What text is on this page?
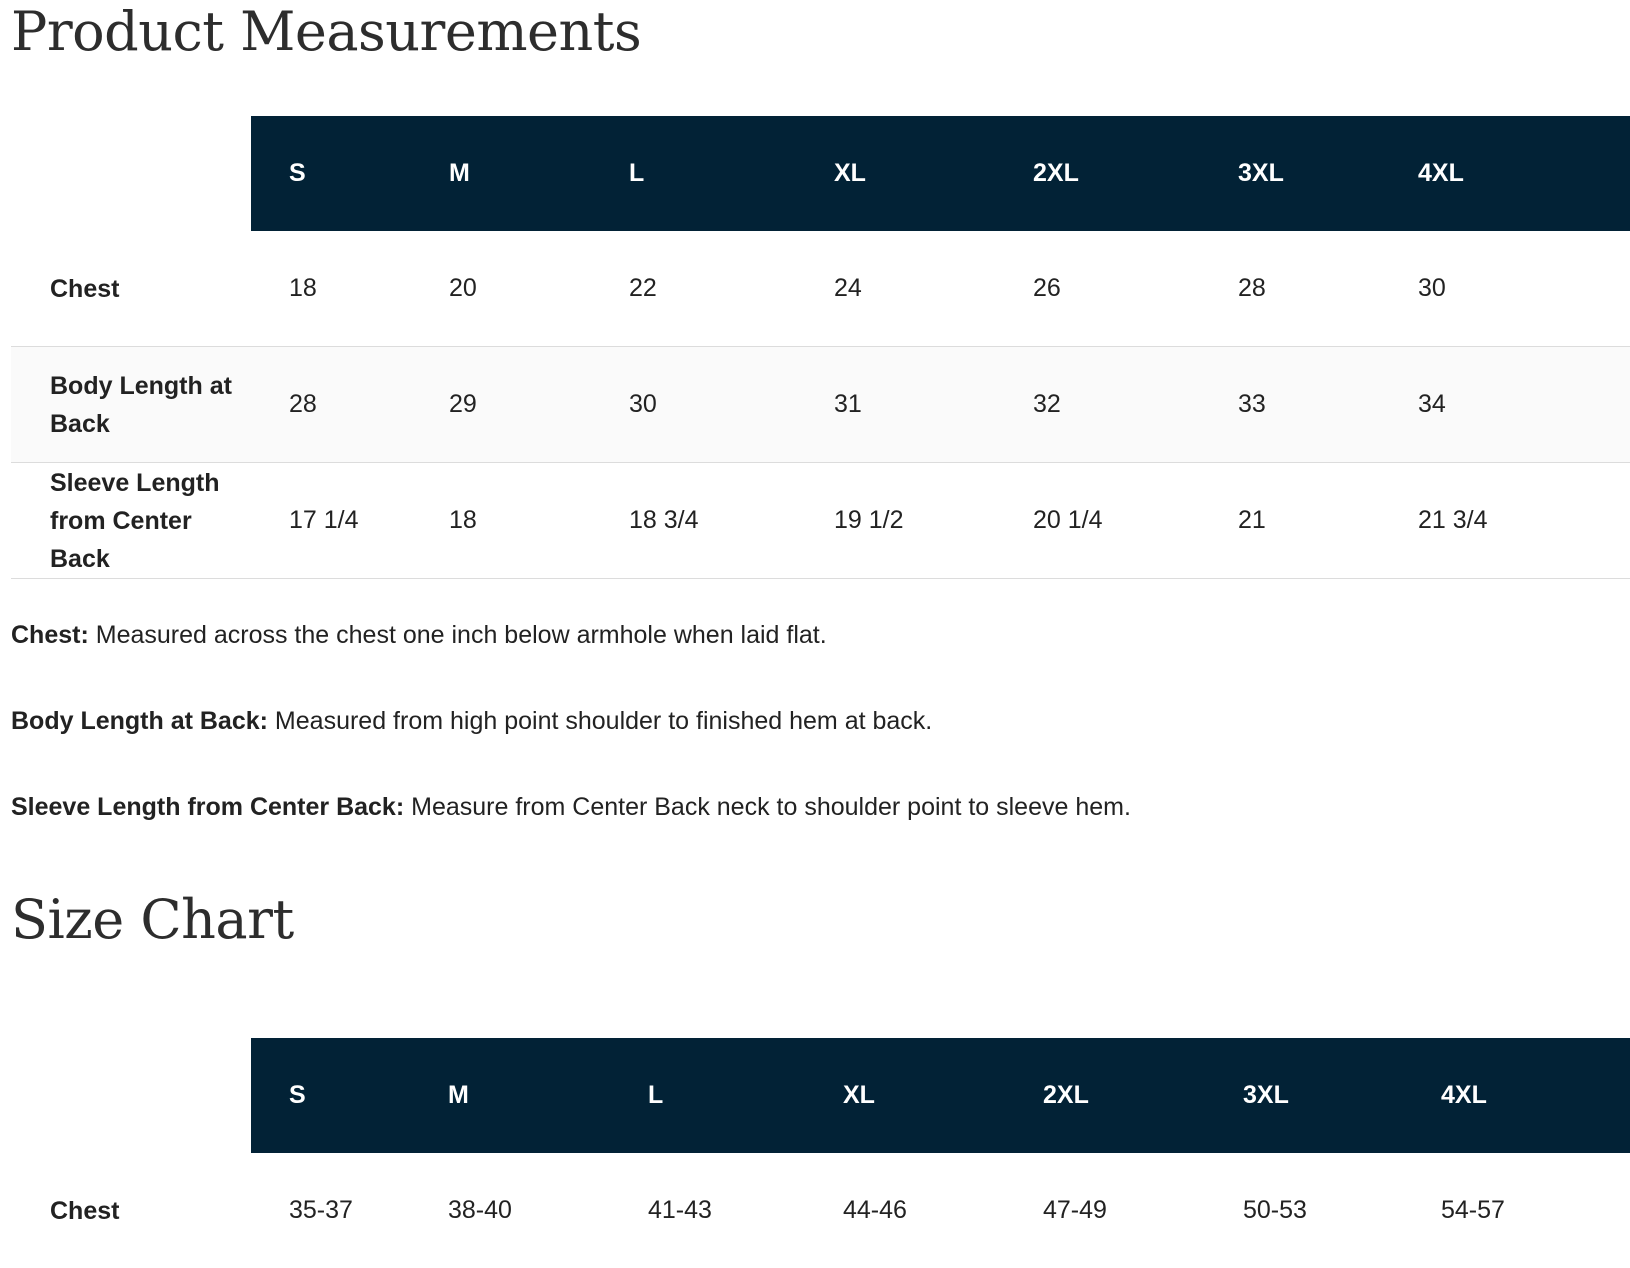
Product Measurements
	S	M	L	XL	2XL	3XL	4XL
Chest	18	20	22	24	26	28	30
Body Length at Back	28	29	30	31	32	33	34
Sleeve Length from Center Back	17 1/4	18	18 3/4	19 1/2	20 1/4	21	21 3/4

Chest: Measured across the chest one inch below armhole when laid flat.

Body Length at Back: Measured from high point shoulder to finished hem at back.

Sleeve Length from Center Back: Measure from Center Back neck to shoulder point to sleeve hem.

Size Chart
	S	M	L	XL	2XL	3XL	4XL
Chest	35-37	38-40	41-43	44-46	47-49	50-53	54-57
